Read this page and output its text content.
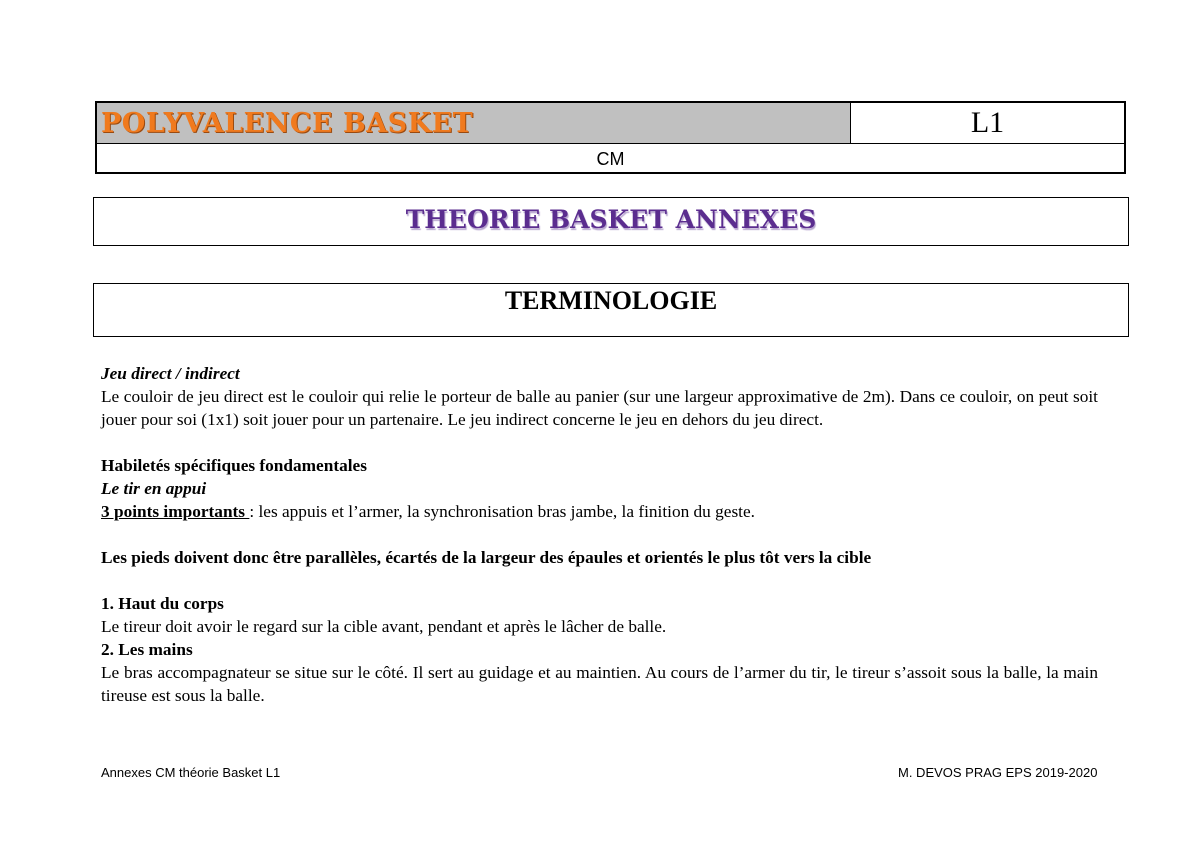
POLYVALENCE BASKET	L1
CM
THEORIE BASKET ANNEXES
TERMINOLOGIE

Jeu direct / indirect

Le couloir de jeu direct est le couloir qui relie le porteur de balle au panier (sur une largeur approximative de 2m). Dans ce couloir, on peut soit jouer pour soi (1x1) soit jouer pour un partenaire. Le jeu indirect concerne le jeu en dehors du jeu direct.

Habiletés spécifiques fondamentales

Le tir en appui

3 points importants : les appuis et l’armer, la synchronisation bras jambe, la finition du geste.

Les pieds doivent donc être parallèles, écartés de la largeur des épaules et orientés le plus tôt vers la cible

1. Haut du corps

Le tireur doit avoir le regard sur la cible avant, pendant et après le lâcher de balle.

2. Les mains

Le bras accompagnateur se situe sur le côté. Il sert au guidage et au maintien. Au cours de l’armer du tir, le tireur s’assoit sous la balle, la main tireuse est sous la balle.

Annexes CM théorie Basket L1	M. DEVOS PRAG EPS 2019-2020
